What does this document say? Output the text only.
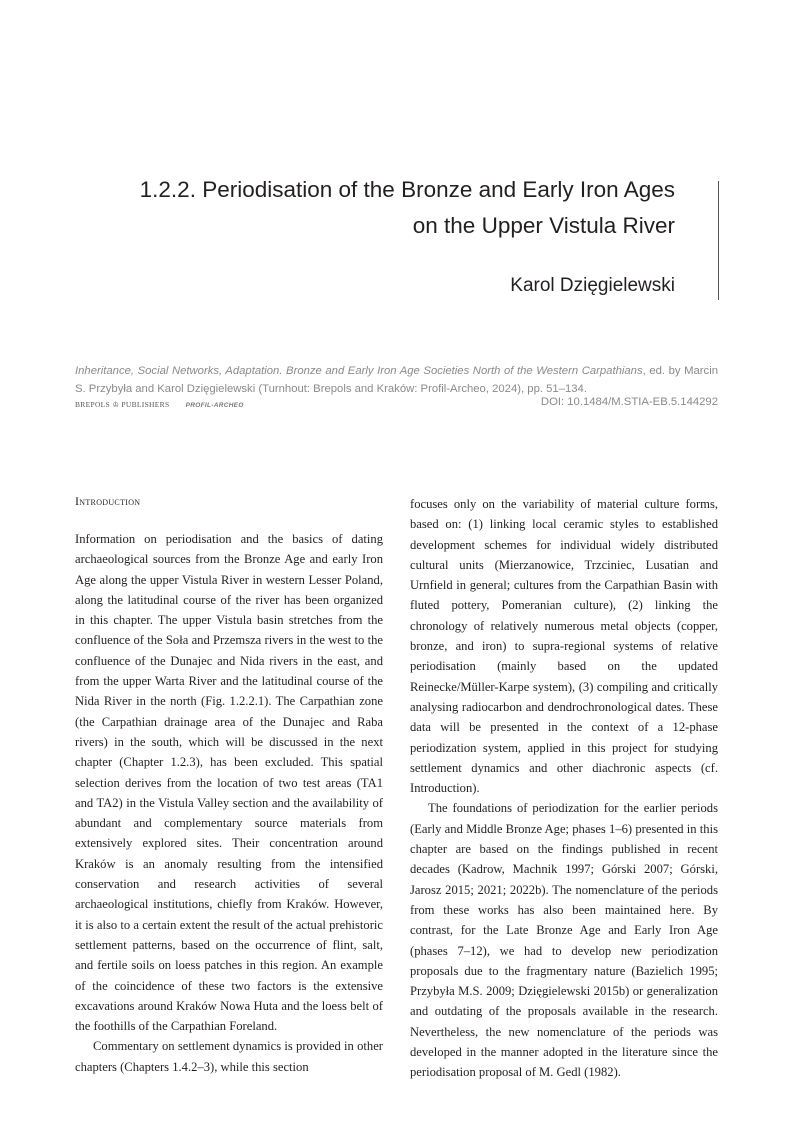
1.2.2. Periodisation of the Bronze and Early Iron Ages
on the Upper Vistula River
Karol Dzięgielewski
Inheritance, Social Networks, Adaptation. Bronze and Early Iron Age Societies North of the Western Carpathians, ed. by Marcin S. Przybyła and Karol Dzięgielewski (Turnhout: Brepols and Kraków: Profil-Archeo, 2024), pp. 51–134.
BREPOLS ♔ PUBLISHERS PROFIL-ARCHEO	DOI: 10.1484/M.STIA-EB.5.144292

Introduction

Information on periodisation and the basics of dating archaeological sources from the Bronze Age and early Iron Age along the upper Vistula River in western Lesser Poland, along the latitudinal course of the river has been organized in this chapter. The upper Vistula basin stretches from the confluence of the Soła and Przemsza rivers in the west to the confluence of the Dunajec and Nida rivers in the east, and from the upper Warta River and the latitudinal course of the Nida River in the north (Fig. 1.2.2.1). The Carpathian zone (the Carpathian drainage area of the Dunajec and Raba rivers) in the south, which will be discussed in the next chapter (Chapter 1.2.3), has been excluded. This spatial selection derives from the location of two test areas (TA1 and TA2) in the Vistula Valley section and the availability of abundant and complementary source materials from extensively explored sites. Their concentration around Kraków is an anomaly resulting from the intensified conservation and research activities of several archaeological institutions, chiefly from Kraków. However, it is also to a certain extent the result of the actual prehistoric settlement patterns, based on the occurrence of flint, salt, and fertile soils on loess patches in this region. An example of the coincidence of these two factors is the extensive excavations around Kraków Nowa Huta and the loess belt of the foothills of the Carpathian Foreland.

Commentary on settlement dynamics is provided in other chapters (Chapters 1.4.2–3), while this section

focuses only on the variability of material culture forms, based on: (1) linking local ceramic styles to established development schemes for individual widely distributed cultural units (Mierzanowice, Trzciniec, Lusatian and Urnfield in general; cultures from the Carpathian Basin with fluted pottery, Pomeranian culture), (2) linking the chronology of relatively numerous metal objects (copper, bronze, and iron) to supra-regional systems of relative periodisation (mainly based on the updated Reinecke/Müller-Karpe system), (3) compiling and critically analysing radiocarbon and dendrochronological dates. These data will be presented in the context of a 12-phase periodization system, applied in this project for studying settlement dynamics and other diachronic aspects (cf. Introduction).

The foundations of periodization for the earlier periods (Early and Middle Bronze Age; phases 1–6) presented in this chapter are based on the findings published in recent decades (Kadrow, Machnik 1997; Górski 2007; Górski, Jarosz 2015; 2021; 2022b). The nomenclature of the periods from these works has also been maintained here. By contrast, for the Late Bronze Age and Early Iron Age (phases 7–12), we had to develop new periodization proposals due to the fragmentary nature (Bazielich 1995; Przybyła M.S. 2009; Dzięgielewski 2015b) or generalization and outdating of the proposals available in the research. Nevertheless, the new nomenclature of the periods was developed in the manner adopted in the literature since the periodisation proposal of M. Gedl (1982).
